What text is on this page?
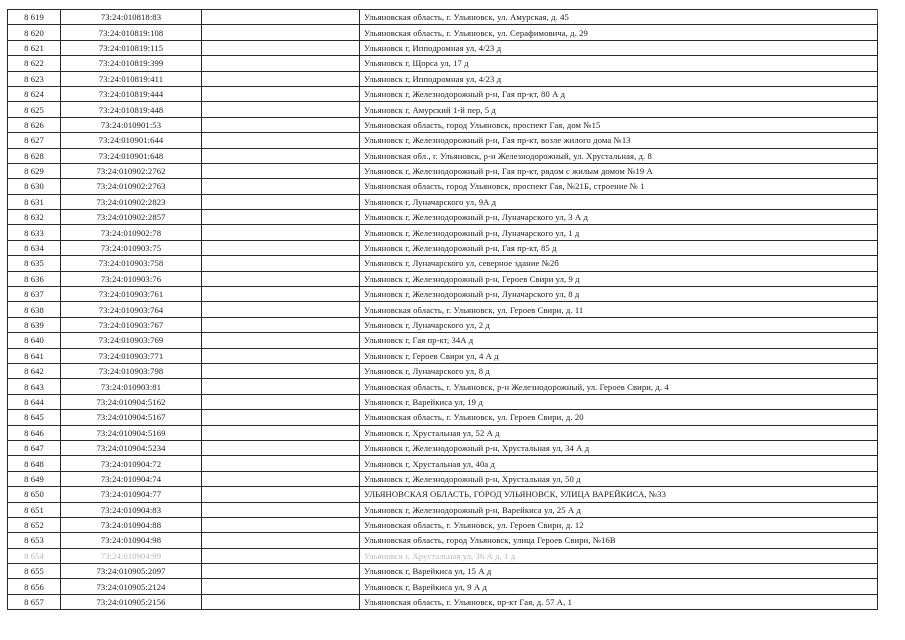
8 619	73:24:010818:83		Ульяновская область, г. Ульяновск, ул. Амурская, д. 45
8 620	73:24:010819:108		Ульяновская область, г. Ульяновск, ул. Серафимовича, д. 29
8 621	73:24:010819:115		Ульяновск г, Ипподромная ул, 4/23 д
8 622	73:24:010819:399		Ульяновск г, Щорса ул, 17 д
8 623	73:24:010819:411		Ульяновск г, Ипподромная ул, 4/23 д
8 624	73:24:010819:444		Ульяновск г, Железнодорожный р-н, Гая пр-кт, 80 А д
8 625	73:24:010819:448		Ульяновск г, Амурский 1-й пер, 5 д
8 626	73:24:010901:53		Ульяновская область, город Ульяновск, проспект Гая, дом №15
8 627	73:24:010901:644		Ульяновск г, Железнодорожный р-н, Гая пр-кт, возле жилого дома №13
8 628	73:24:010901:648		Ульяновская обл., г. Ульяновск, р-н Железнодорожный, ул. Хрустальная, д. 8
8 629	73:24:010902:2762		Ульяновск г, Железнодорожный р-н, Гая пр-кт, рядом с жилым домом №19 А
8 630	73:24:010902:2763		Ульяновская область, город Ульяновск, проспект Гая, №21Б, строение № 1
8 631	73:24:010902:2823		Ульяновск г, Луначарского ул, 9А д
8 632	73:24:010902:2857		Ульяновск г, Железнодорожный р-н, Луначарского ул, 3 А д
8 633	73:24:010902:78		Ульяновск г, Железнодорожный р-н, Луначарского ул, 1 д
8 634	73:24:010903:75		Ульяновск г, Железнодорожный р-н, Гая пр-кт, 85 д
8 635	73:24:010903:758		Ульяновск г, Луначарского ул, северное здание №2б
8 636	73:24:010903:76		Ульяновск г, Железнодорожный р-н, Героев Свири ул, 9 д
8 637	73:24:010903:761		Ульяновск г, Железнодорожный р-н, Луначарского ул, 8 д
8 638	73:24:010903:764		Ульяновская область, г. Ульяновск, ул. Героев Свири, д. 11
8 639	73:24:010903:767		Ульяновск г, Луначарского ул, 2 д
8 640	73:24:010903:769		Ульяновск г, Гая пр-кт, 34А д
8 641	73:24:010903:771		Ульяновск г, Героев Свири ул, 4 А д
8 642	73:24:010903:798		Ульяновск г, Луначарского ул, 8 д
8 643	73:24:010903:81		Ульяновская область, г. Ульяновск, р-н Железнодорожный, ул. Героев Свири, д. 4
8 644	73:24:010904:5162		Ульяновск г, Варейкиса ул, 19 д
8 645	73:24:010904:5167		Ульяновская область, г. Ульяновск, ул. Героев Свири, д. 20
8 646	73:24:010904:5169		Ульяновск г, Хрустальная ул, 52 А д
8 647	73:24:010904:5234		Ульяновск г, Железнодорожный р-н, Хрустальная ул, 34 А д
8 648	73:24:010904:72		Ульяновск г, Хрустальная ул, 40а д
8 649	73:24:010904:74		Ульяновск г, Железнодорожный р-н, Хрустальная ул, 50 д
8 650	73:24:010904:77		УЛЬЯНОВСКАЯ ОБЛАСТЬ, ГОРОД УЛЬЯНОВСК, УЛИЦА ВАРЕЙКИСА, №33
8 651	73:24:010904:83		Ульяновск г, Железнодорожный р-н, Варейкиса ул, 25 А д
8 652	73:24:010904:88		Ульяновская область, г. Ульяновск, ул. Героев Свири, д. 12
8 653	73:24:010904:98		Ульяновская область, город Ульяновск, улица Героев Свири, №16В
8 654	73:24:010904:99		Ульяновск г, Хрустальная ул, 36 А д, 1 д
8 655	73:24:010905:2097		Ульяновск г, Варейкиса ул, 15 А д
8 656	73:24:010905:2124		Ульяновск г, Варейкиса ул, 9 А д
8 657	73:24:010905:2156		Ульяновская область, г. Ульяновск, пр-кт Гая, д. 57 А, 1
